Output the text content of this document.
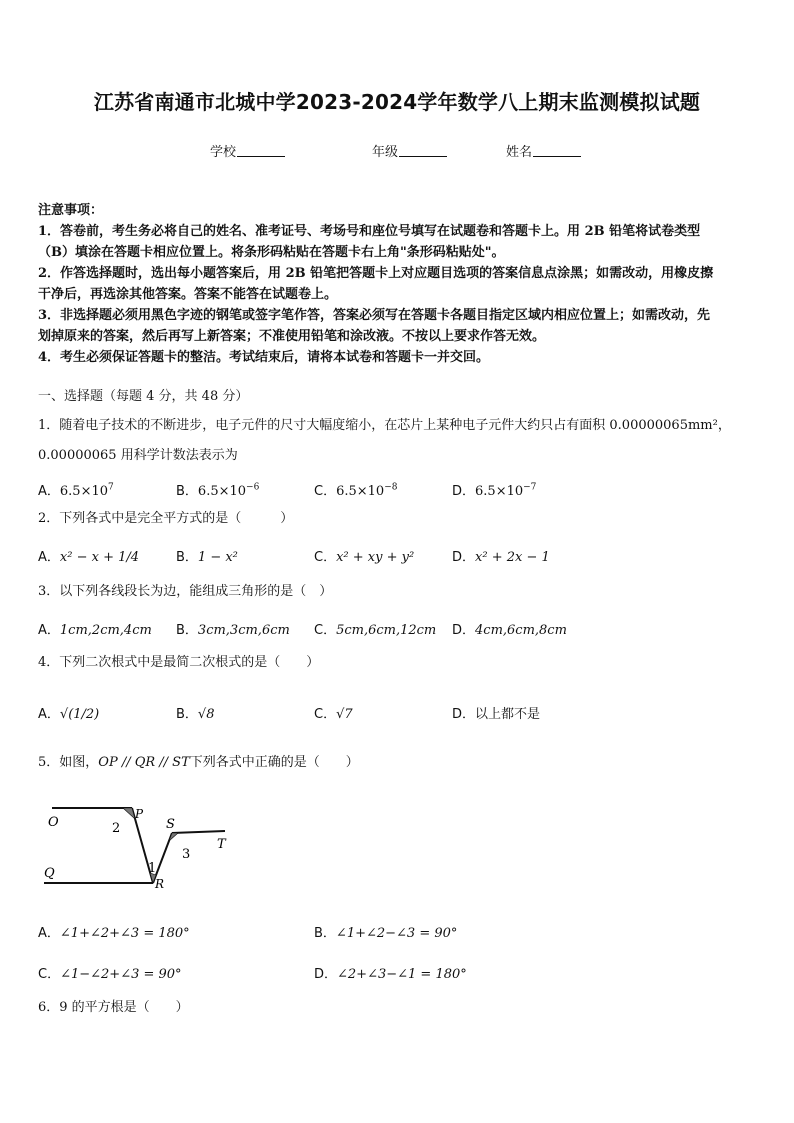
江苏省南通市北城中学2023-2024学年数学八上期末监测模拟试题
学校	年级	姓名
注意事项：
1．答卷前，考生务必将自己的姓名、准考证号、考场号和座位号填写在试题卷和答题卡上。用 2B 铅笔将试卷类型
（B）填涂在答题卡相应位置上。将条形码粘贴在答题卡右上角"条形码粘贴处"。
2．作答选择题时，选出每小题答案后，用 2B 铅笔把答题卡上对应题目选项的答案信息点涂黑；如需改动，用橡皮擦
干净后，再选涂其他答案。答案不能答在试题卷上。
3．非选择题必须用黑色字迹的钢笔或签字笔作答，答案必须写在答题卡各题目指定区域内相应位置上；如需改动，先
划掉原来的答案，然后再写上新答案；不准使用铅笔和涂改液。不按以上要求作答无效。
4．考生必须保证答题卡的整洁。考试结束后，请将本试卷和答题卡一并交回。
一、选择题（每题 4 分，共 48 分）
1．随着电子技术的不断进步，电子元件的尺寸大幅度缩小，在芯片上某种电子元件大约只占有面积 0.00000065mm²，
0.00000065 用科学计数法表示为
A．$6.5\times 10^7$	B．$6.5\times 10^{-6}$	C．$6.5\times 10^{-8}$	D．$6.5\times 10^{-7}$
2．下列各式中是完全平方式的是（　　　）
A．x² − x + 1/4	B．1 − x²	C．x² + xy + y²	D．x² + 2x − 1
3．以下列各线段长为边，能组成三角形的是（　）
A．1cm,2cm,4cm B．3cm,3cm,6cm C．5cm,6cm,12cm D．4cm,6cm,8cm
4．下列二次根式中是最简二次根式的是（　　）
A．√(1/2)	B．√8	C．√7	D．以上都不是
5．如图，OP // QR // ST下列各式中正确的是（　　）
O
P
2	S
3
T
Q	1
R
A．∠1+∠2+∠3 = 180°	B．∠1+∠2−∠3 = 90°
C．∠1−∠2+∠3 = 90°	D．∠2+∠3−∠1 = 180°
6．9 的平方根是（　　）
